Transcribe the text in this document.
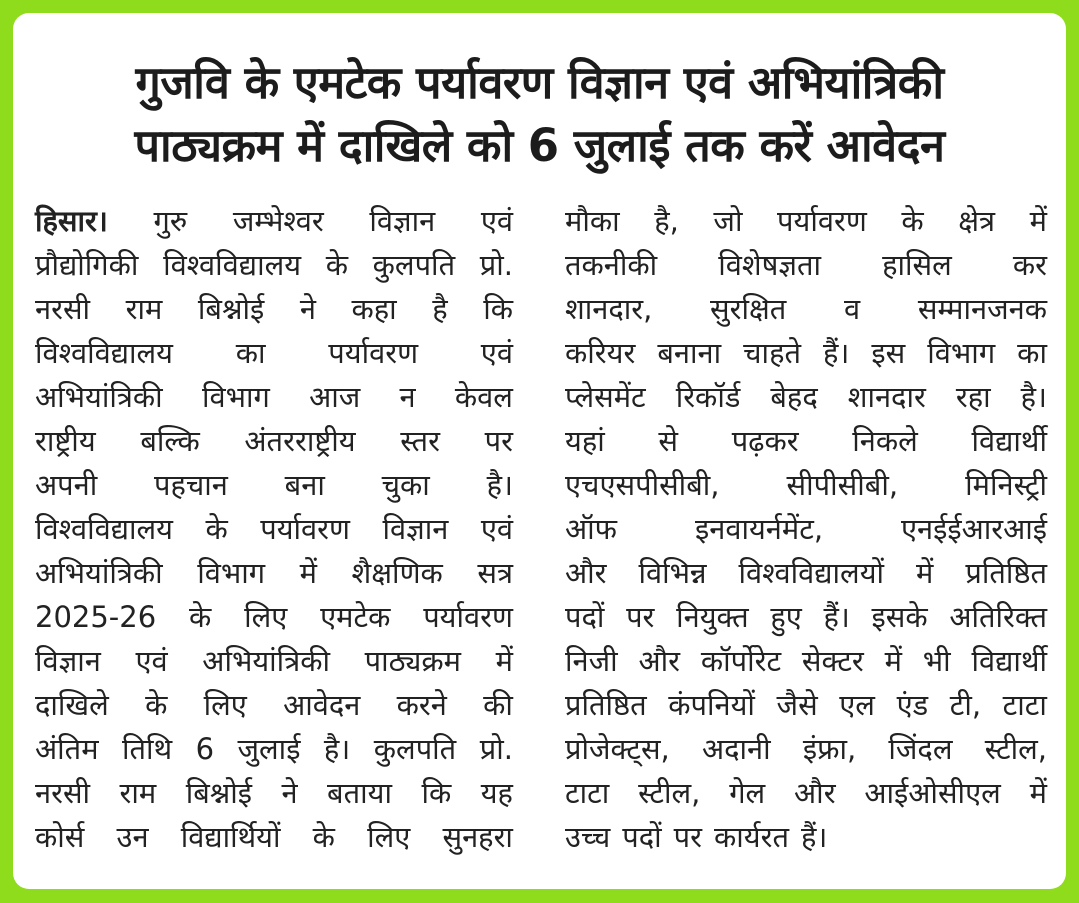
गुजवि के एमटेक पर्यावरण विज्ञान एवं अभियांत्रिकी
पाठ्यक्रम में दाखिले को 6 जुलाई तक करें आवेदन
हिसार। गुरु जम्भेश्वर विज्ञान एवं
प्रौद्योगिकी विश्वविद्यालय के कुलपति प्रो.
नरसी राम बिश्नोई ने कहा है कि
विश्वविद्यालय का पर्यावरण एवं
अभियांत्रिकी विभाग आज न केवल
राष्ट्रीय बल्कि अंतरराष्ट्रीय स्तर पर
अपनी पहचान बना चुका है।
विश्वविद्यालय के पर्यावरण विज्ञान एवं
अभियांत्रिकी विभाग में शैक्षणिक सत्र
2025-26 के लिए एमटेक पर्यावरण
विज्ञान एवं अभियांत्रिकी पाठ्यक्रम में
दाखिले के लिए आवेदन करने की
अंतिम तिथि 6 जुलाई है। कुलपति प्रो.
नरसी राम बिश्नोई ने बताया कि यह
कोर्स उन विद्यार्थियों के लिए सुनहरा
मौका है, जो पर्यावरण के क्षेत्र में
तकनीकी विशेषज्ञता हासिल कर
शानदार, सुरक्षित व सम्मानजनक
करियर बनाना चाहते हैं। इस विभाग का
प्लेसमेंट रिकॉर्ड बेहद शानदार रहा है।
यहां से पढ़कर निकले विद्यार्थी
एचएसपीसीबी, सीपीसीबी, मिनिस्ट्री
ऑफ	इनवायर्नमेंट,	एनईईआरआई
और विभिन्न विश्वविद्यालयों में प्रतिष्ठित
पदों पर नियुक्त हुए हैं। इसके अतिरिक्त
निजी और कॉर्पोरेट सेक्टर में भी विद्यार्थी
प्रतिष्ठित कंपनियों जैसे एल एंड टी, टाटा
प्रोजेक्ट्स, अदानी इंफ्रा, जिंदल स्टील,
टाटा स्टील, गेल और आईओसीएल में
उच्च पदों पर कार्यरत हैं।
